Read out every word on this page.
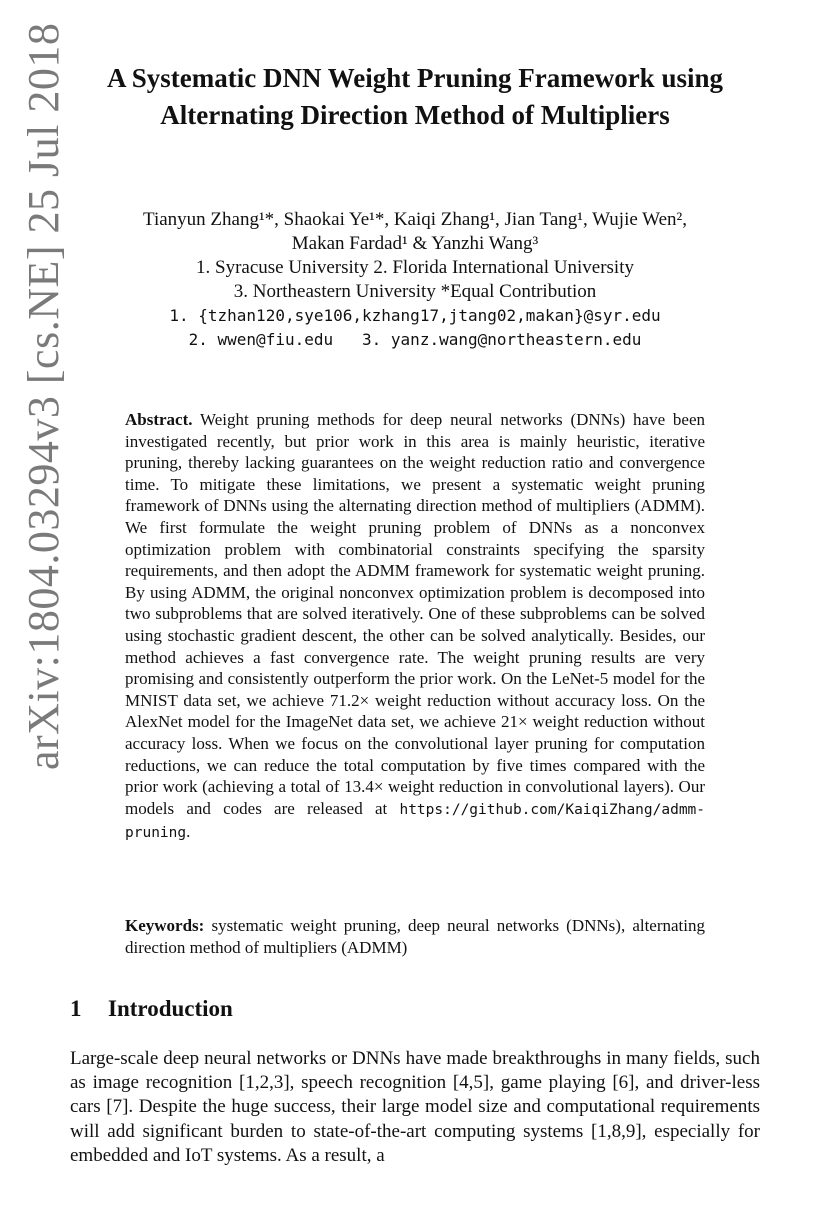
arXiv:1804.03294v3 [cs.NE] 25 Jul 2018	A Systematic DNN Weight Pruning Framework using Alternating Direction Method of Multipliers
Tianyun Zhang¹*, Shaokai Ye¹*, Kaiqi Zhang¹, Jian Tang¹, Wujie Wen²,
Makan Fardad¹ & Yanzhi Wang³
1. Syracuse University 2. Florida International University
3. Northeastern University *Equal Contribution
1. {tzhan120,sye106,kzhang17,jtang02,makan}@syr.edu
2. wwen@fiu.edu   3. yanz.wang@northeastern.edu
Abstract. Weight pruning methods for deep neural networks (DNNs) have been investigated recently, but prior work in this area is mainly heuristic, iterative pruning, thereby lacking guarantees on the weight reduction ratio and convergence time. To mitigate these limitations, we present a systematic weight pruning framework of DNNs using the alternating direction method of multipliers (ADMM). We first formulate the weight pruning problem of DNNs as a nonconvex optimization problem with combinatorial constraints specifying the sparsity requirements, and then adopt the ADMM framework for systematic weight pruning. By using ADMM, the original nonconvex optimization problem is decomposed into two subproblems that are solved iteratively. One of these subproblems can be solved using stochastic gradient descent, the other can be solved analytically. Besides, our method achieves a fast convergence rate. The weight pruning results are very promising and consistently outperform the prior work. On the LeNet-5 model for the MNIST data set, we achieve 71.2× weight reduction without accuracy loss. On the AlexNet model for the ImageNet data set, we achieve 21× weight reduction without accuracy loss. When we focus on the convolutional layer pruning for computation reductions, we can reduce the total computation by five times compared with the prior work (achieving a total of 13.4× weight reduction in convolutional layers). Our models and codes are released at https://github.com/KaiqiZhang/admm-pruning.
Keywords: systematic weight pruning, deep neural networks (DNNs), alternating direction method of multipliers (ADMM)
1 Introduction
Large-scale deep neural networks or DNNs have made breakthroughs in many fields, such as image recognition [1,2,3], speech recognition [4,5], game playing [6], and driver-less cars [7]. Despite the huge success, their large model size and computational requirements will add significant burden to state-of-the-art computing systems [1,8,9], especially for embedded and IoT systems. As a result, a
